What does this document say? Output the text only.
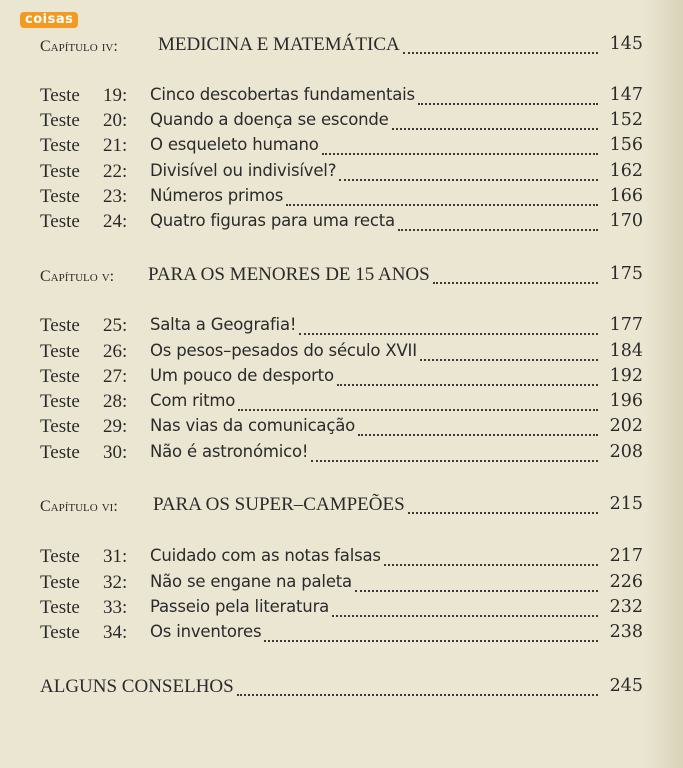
coisas
Capítulo iv: MEDICINA E MATEMÁTICA	145
Teste 19:	Cinco descobertas fundamentais	147
Teste 20:	Quando a doença se esconde	152
Teste 21:	O esqueleto humano	156
Teste 22:	Divisível ou indivisível?	162
Teste 23:	Números primos	166
Teste 24:	Quatro figuras para uma recta	170
Capítulo v: PARA OS MENORES DE 15 ANOS	175
Teste 25:	Salta a Geografia!	177
Teste 26:	Os pesos–pesados do século XVII	184
Teste 27:	Um pouco de desporto	192
Teste 28:	Com ritmo	196
Teste 29:	Nas vias da comunicação	202
Teste 30:	Não é astronómico!	208
Capítulo vi: PARA OS SUPER–CAMPEÕES	215
Teste 31:	Cuidado com as notas falsas	217
Teste 32:	Não se engane na paleta	226
Teste 33:	Passeio pela literatura	232
Teste 34:	Os inventores	238
ALGUNS CONSELHOS	245
